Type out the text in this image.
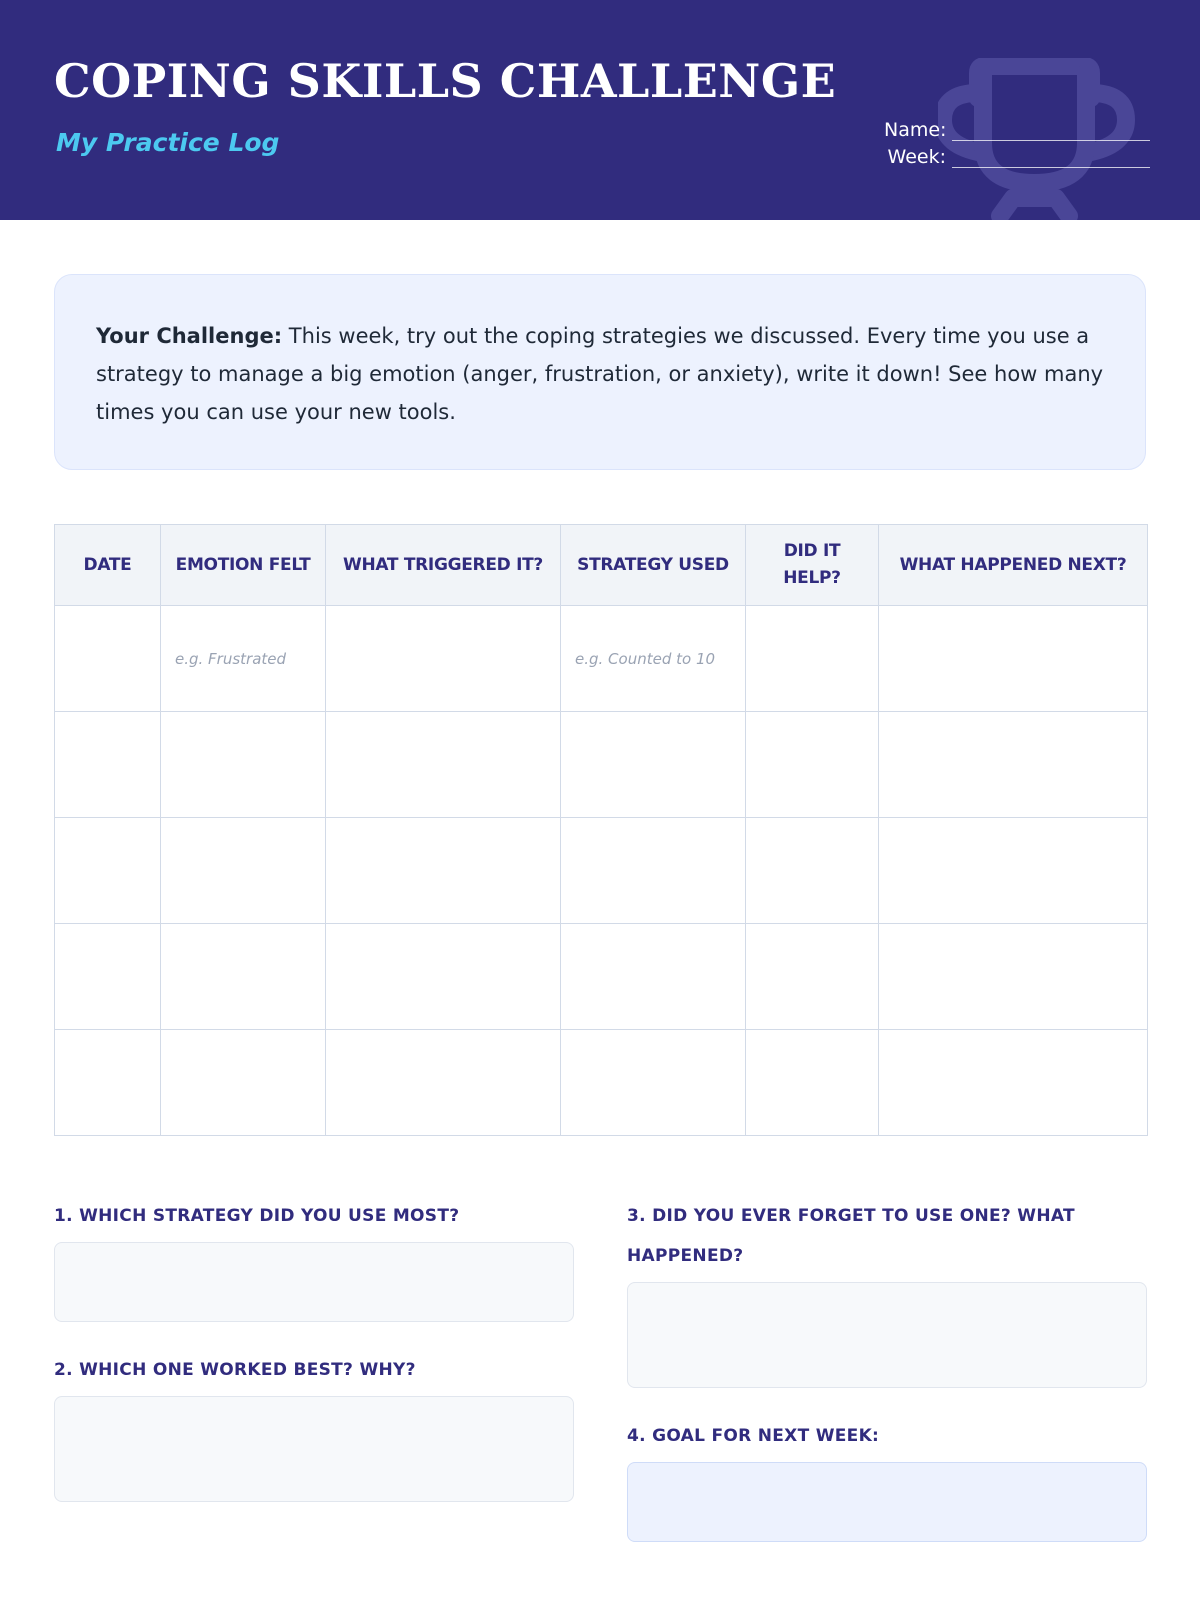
COPING SKILLS CHALLENGE
My Practice Log	Name:
Week:
Your Challenge: This week, try out the coping strategies we discussed. Every time you use a strategy to manage a big emotion (anger, frustration, or anxiety), write it down! See how many times you can use your new tools.
DATE	EMOTION FELT	WHAT TRIGGERED IT?	STRATEGY USED	DID IT HELP?	WHAT HAPPENED NEXT?
	e.g. Frustrated		e.g. Counted to 10		

1. WHICH STRATEGY DID YOU USE MOST?
2. WHICH ONE WORKED BEST? WHY?
3. DID YOU EVER FORGET TO USE ONE? WHAT HAPPENED?
4. GOAL FOR NEXT WEEK:
